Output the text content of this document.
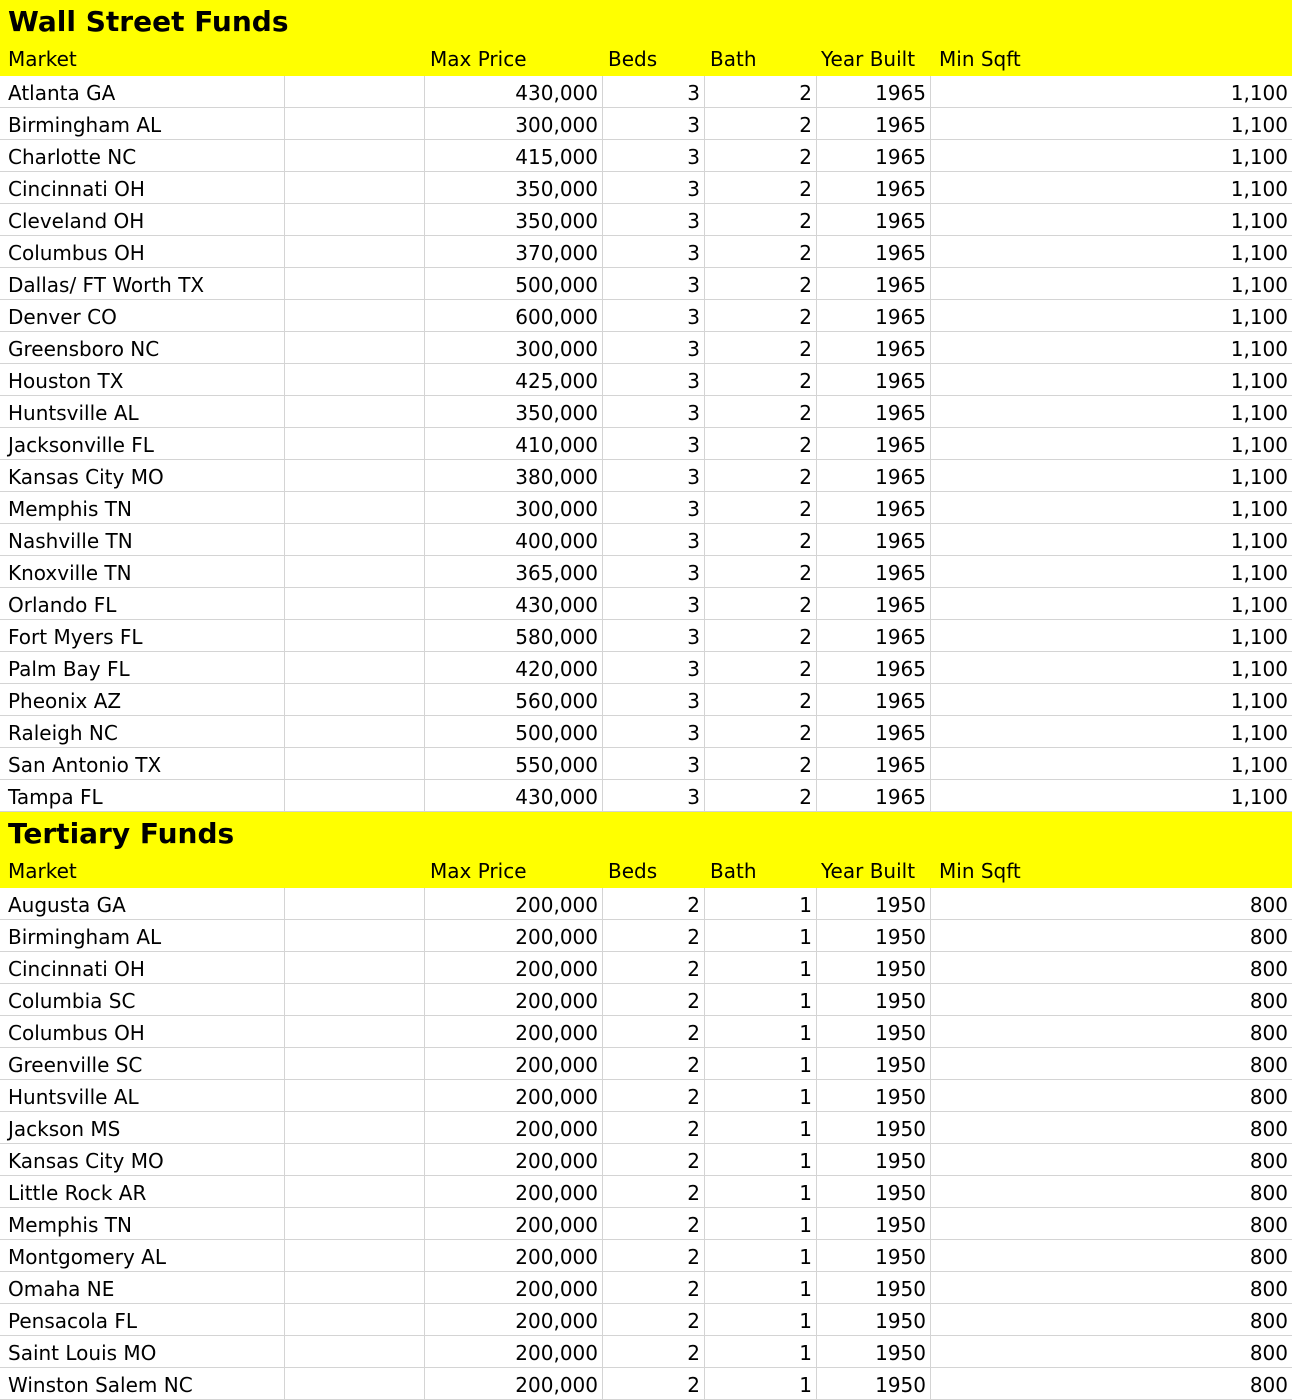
Wall Street Funds
Market	Max Price	Beds	Bath	Year Built	Min Sqft
Atlanta GA	430,000	3	2	1965	1,100
Birmingham AL	300,000	3	2	1965	1,100
Charlotte NC	415,000	3	2	1965	1,100
Cincinnati OH	350,000	3	2	1965	1,100
Cleveland OH	350,000	3	2	1965	1,100
Columbus OH	370,000	3	2	1965	1,100
Dallas/ FT Worth TX	500,000	3	2	1965	1,100
Denver CO	600,000	3	2	1965	1,100
Greensboro NC	300,000	3	2	1965	1,100
Houston TX	425,000	3	2	1965	1,100
Huntsville AL	350,000	3	2	1965	1,100
Jacksonville FL	410,000	3	2	1965	1,100
Kansas City MO	380,000	3	2	1965	1,100
Memphis TN	300,000	3	2	1965	1,100
Nashville TN	400,000	3	2	1965	1,100
Knoxville TN	365,000	3	2	1965	1,100
Orlando FL	430,000	3	2	1965	1,100
Fort Myers FL	580,000	3	2	1965	1,100
Palm Bay FL	420,000	3	2	1965	1,100
Pheonix AZ	560,000	3	2	1965	1,100
Raleigh NC	500,000	3	2	1965	1,100
San Antonio TX	550,000	3	2	1965	1,100
Tampa FL	430,000	3	2	1965	1,100
Tertiary Funds
Market	Max Price	Beds	Bath	Year Built	Min Sqft
Augusta GA	200,000	2	1	1950	800
Birmingham AL	200,000	2	1	1950	800
Cincinnati OH	200,000	2	1	1950	800
Columbia SC	200,000	2	1	1950	800
Columbus OH	200,000	2	1	1950	800
Greenville SC	200,000	2	1	1950	800
Huntsville AL	200,000	2	1	1950	800
Jackson MS	200,000	2	1	1950	800
Kansas City MO	200,000	2	1	1950	800
Little Rock AR	200,000	2	1	1950	800
Memphis TN	200,000	2	1	1950	800
Montgomery AL	200,000	2	1	1950	800
Omaha NE	200,000	2	1	1950	800
Pensacola FL	200,000	2	1	1950	800
Saint Louis MO	200,000	2	1	1950	800
Winston Salem NC	200,000	2	1	1950	800
